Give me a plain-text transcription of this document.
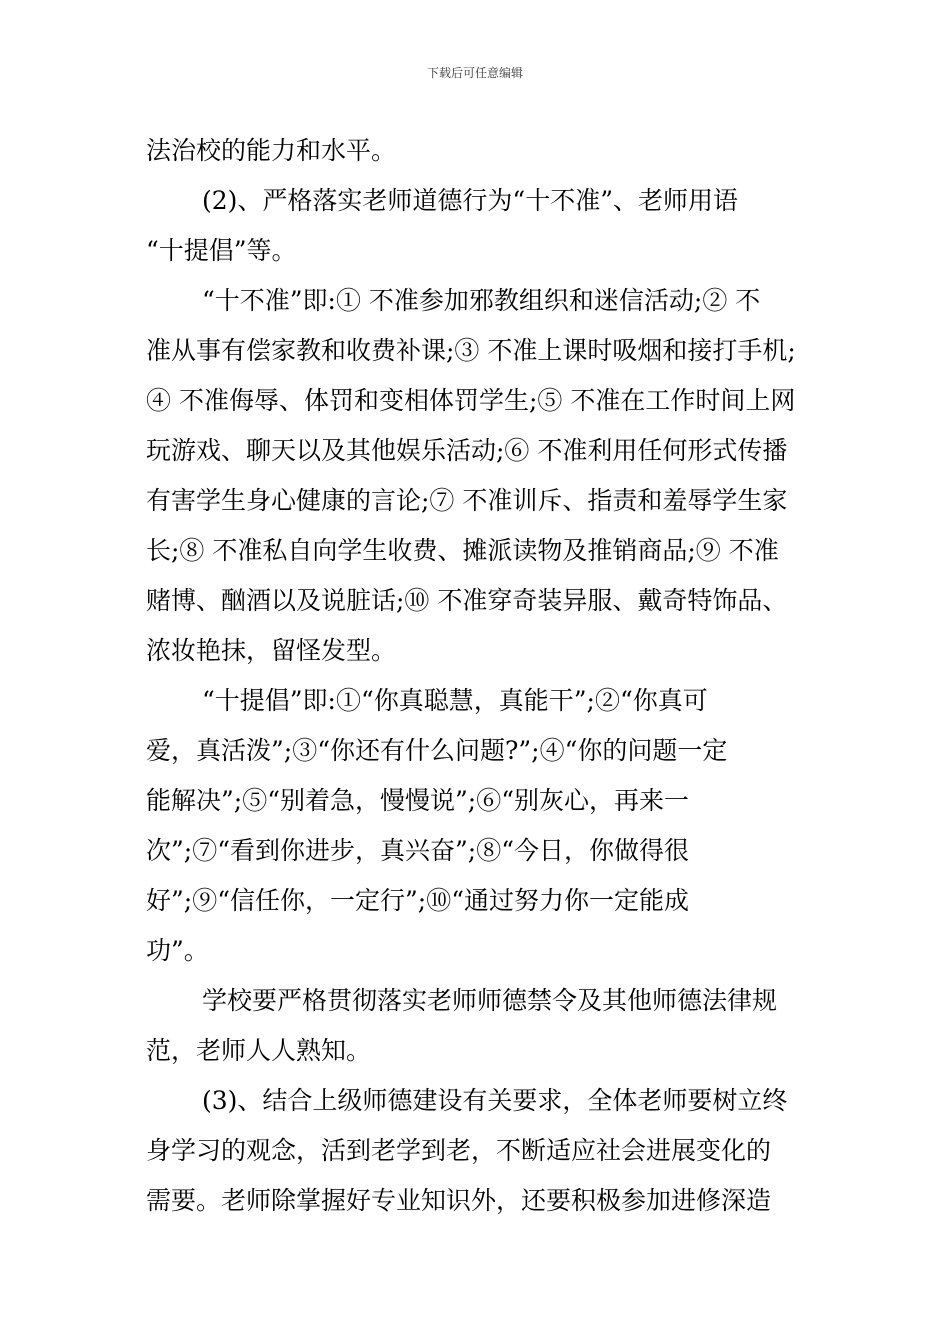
下载后可任意编辑
法治校的能力和水平。
(2)、严格落实老师道德行为“十不准”、老师用语
“十提倡”等。
“十不准”即:① 不准参加邪教组织和迷信活动;② 不
准从事有偿家教和收费补课;③ 不准上课时吸烟和接打手机;
④ 不准侮辱、体罚和变相体罚学生;⑤ 不准在工作时间上网
玩游戏、聊天以及其他娱乐活动;⑥ 不准利用任何形式传播
有害学生身心健康的言论;⑦ 不准训斥、指责和羞辱学生家
长;⑧ 不准私自向学生收费、摊派读物及推销商品;⑨ 不准
赌博、酗酒以及说脏话;⑩ 不准穿奇装异服、戴奇特饰品、
浓妆艳抹，留怪发型。
“十提倡”即:①“你真聪慧，真能干”;②“你真可
爱，真活泼”;③“你还有什么问题?”;④“你的问题一定
能解决”;⑤“别着急，慢慢说”;⑥“别灰心，再来一
次”;⑦“看到你进步，真兴奋”;⑧“今日，你做得很
好”;⑨“信任你，一定行”;⑩“通过努力你一定能成
功”。
学校要严格贯彻落实老师师德禁令及其他师德法律规
范，老师人人熟知。
(3)、结合上级师德建设有关要求，全体老师要树立终
身学习的观念，活到老学到老，不断适应社会进展变化的
需要。老师除掌握好专业知识外，还要积极参加进修深造
